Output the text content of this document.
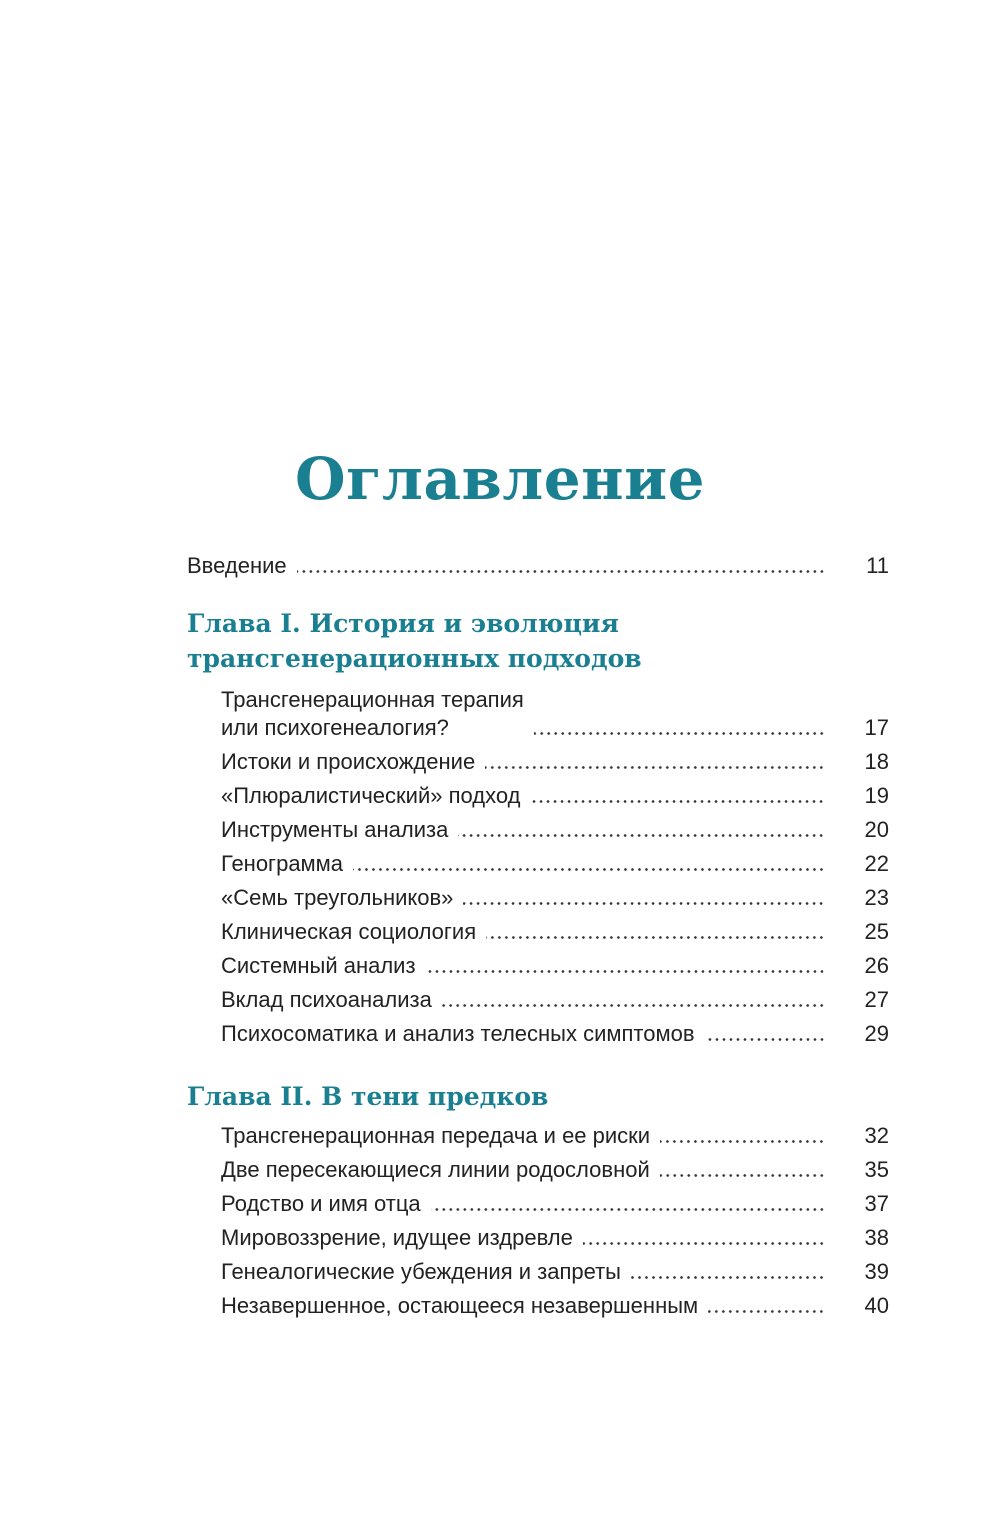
Оглавление
Введение	11
Глава I. История и эволюция
трансгенерационных подходов
Трансгенерационная терапия
или психогенеалогия?	17
Истоки и происхождение	18
«Плюралистический» подход	19
Инструменты анализа	20
Генограмма	22
«Семь треугольников»	23
Клиническая социология	25
Системный анализ	26
Вклад психоанализа	27
Психосоматика и анализ телесных симптомов	29
Глава II. В тени предков
Трансгенерационная передача и ее риски	32
Две пересекающиеся линии родословной	35
Родство и имя отца	37
Мировоззрение, идущее издревле	38
Генеалогические убеждения и запреты	39
Незавершенное, остающееся незавершенным	40
